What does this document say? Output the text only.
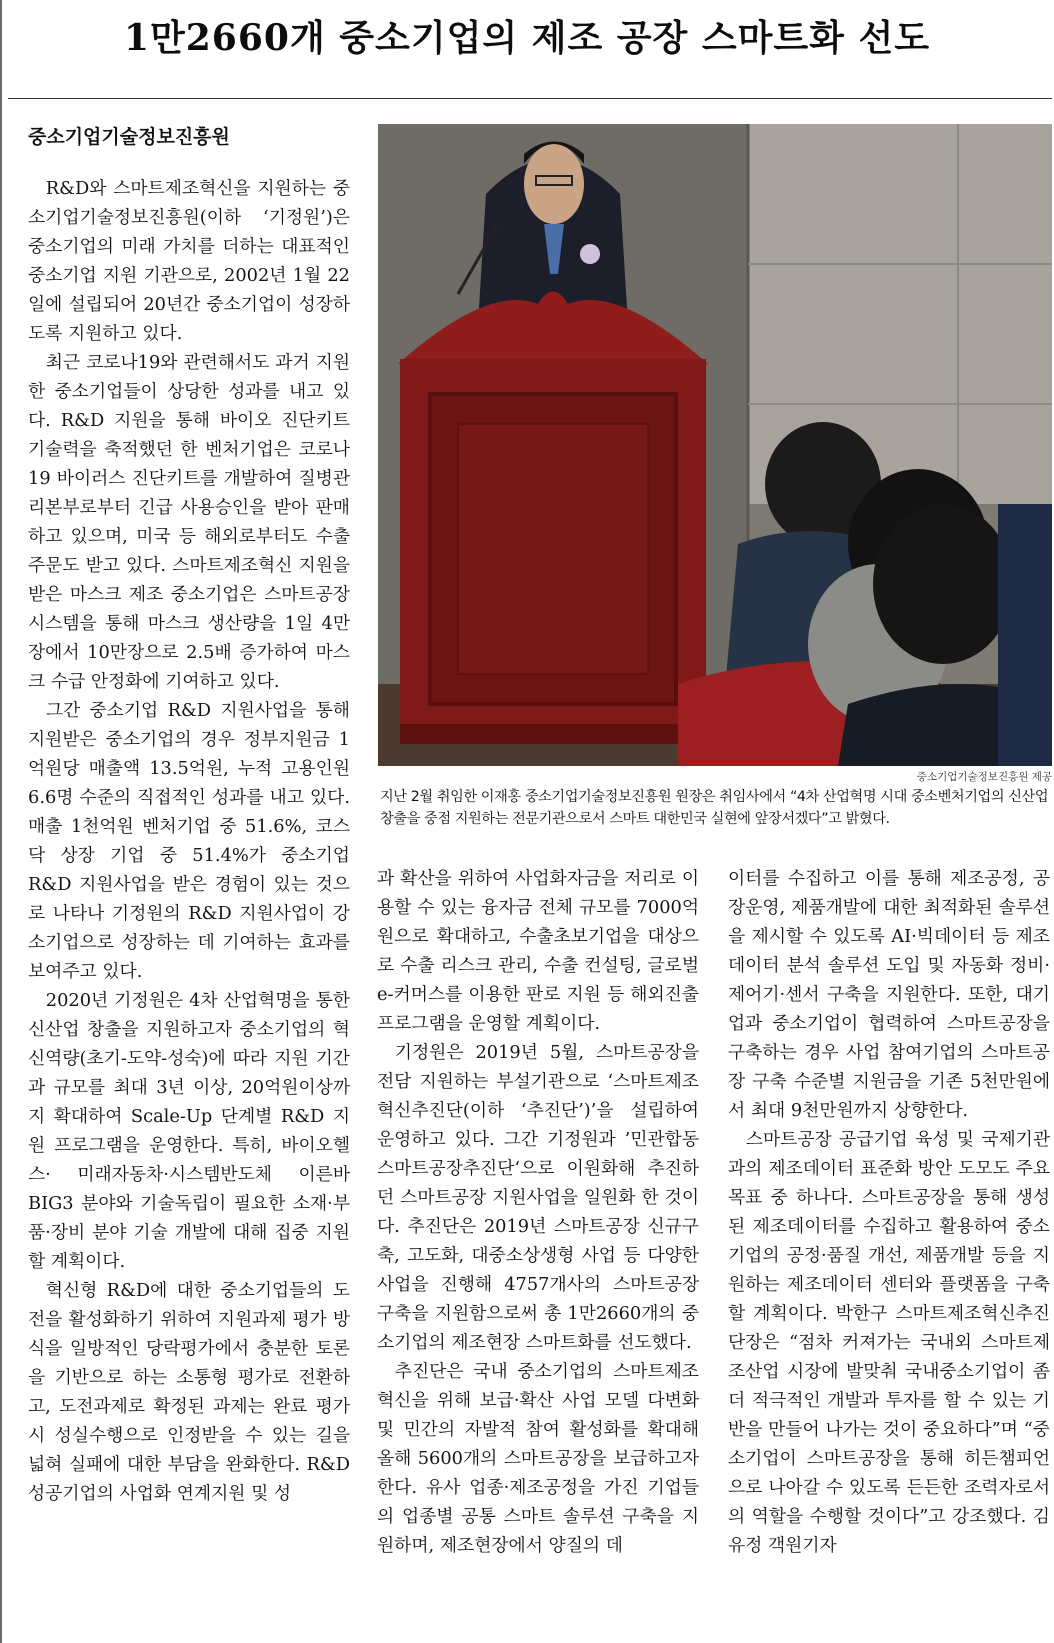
1만2660개 중소기업의 제조 공장 스마트화 선도
중소기업기술정보진흥원

R&D와 스마트제조혁신을 지원하는 중소기업기술정보진흥원(이하 ‘기정원’)은 중소기업의 미래 가치를 더하는 대표적인 중소기업 지원 기관으로, 2002년 1월 22일에 설립되어 20년간 중소기업이 성장하도록 지원하고 있다.

최근 코로나19와 관련해서도 과거 지원한 중소기업들이 상당한 성과를 내고 있다. R&D 지원을 통해 바이오 진단키트 기술력을 축적했던 한 벤처기업은 코로나19 바이러스 진단키트를 개발하여 질병관리본부로부터 긴급 사용승인을 받아 판매하고 있으며, 미국 등 해외로부터도 수출 주문도 받고 있다. 스마트제조혁신 지원을 받은 마스크 제조 중소기업은 스마트공장시스템을 통해 마스크 생산량을 1일 4만장에서 10만장으로 2.5배 증가하여 마스크 수급 안정화에 기여하고 있다.

그간 중소기업 R&D 지원사업을 통해 지원받은 중소기업의 경우 정부지원금 1억원당 매출액 13.5억원, 누적 고용인원 6.6명 수준의 직접적인 성과를 내고 있다. 매출 1천억원 벤처기업 중 51.6%, 코스닥 상장 기업 중 51.4%가 중소기업 R&D 지원사업을 받은 경험이 있는 것으로 나타나 기정원의 R&D 지원사업이 강소기업으로 성장하는 데 기여하는 효과를 보여주고 있다.

2020년 기정원은 4차 산업혁명을 통한 신산업 창출을 지원하고자 중소기업의 혁신역량(초기-도약-성숙)에 따라 지원 기간과 규모를 최대 3년 이상, 20억원이상까지 확대하여 Scale-Up 단계별 R&D 지원 프로그램을 운영한다. 특히, 바이오헬스· 미래자동차·시스템반도체 이른바 BIG3 분야와 기술독립이 필요한 소재·부품·장비 분야 기술 개발에 대해 집중 지원할 계획이다.

혁신형 R&D에 대한 중소기업들의 도전을 활성화하기 위하여 지원과제 평가 방식을 일방적인 당락평가에서 충분한 토론을 기반으로 하는 소통형 평가로 전환하고, 도전과제로 확정된 과제는 완료 평가 시 성실수행으로 인정받을 수 있는 길을 넓혀 실패에 대한 부담을 완화한다. R&D성공기업의 사업화 연계지원 및 성

중소기업기술정보진흥원 제공
지난 2월 취임한 이재홍 중소기업기술정보진흥원 원장은 취임사에서 “4차 산업혁명 시대 중소벤처기업의 신산업 창출을 중점 지원하는 전문기관으로서 스마트 대한민국 실현에 앞장서겠다”고 밝혔다.

과 확산을 위하여 사업화자금을 저리로 이용할 수 있는 융자금 전체 규모를 7000억원으로 확대하고, 수출초보기업을 대상으로 수출 리스크 관리, 수출 컨설팅, 글로벌 e-커머스를 이용한 판로 지원 등 해외진출 프로그램을 운영할 계획이다.

기정원은 2019년 5월, 스마트공장을 전담 지원하는 부설기관으로 ‘스마트제조혁신추진단(이하 ‘추진단’)’을 설립하여 운영하고 있다. 그간 기정원과 ’민관합동스마트공장추진단‘으로 이원화해 추진하던 스마트공장 지원사업을 일원화 한 것이다. 추진단은 2019년 스마트공장 신규구축, 고도화, 대중소상생형 사업 등 다양한 사업을 진행해 4757개사의 스마트공장 구축을 지원함으로써 총 1만2660개의 중소기업의 제조현장 스마트화를 선도했다.

추진단은 국내 중소기업의 스마트제조혁신을 위해 보급·확산 사업 모델 다변화 및 민간의 자발적 참여 활성화를 확대해 올해 5600개의 스마트공장을 보급하고자 한다. 유사 업종·제조공정을 가진 기업들의 업종별 공통 스마트 솔루션 구축을 지원하며, 제조현장에서 양질의 데

이터를 수집하고 이를 통해 제조공정, 공장운영, 제품개발에 대한 최적화된 솔루션을 제시할 수 있도록 AI·빅데이터 등 제조데이터 분석 솔루션 도입 및 자동화 정비·제어기·센서 구축을 지원한다. 또한, 대기업과 중소기업이 협력하여 스마트공장을 구축하는 경우 사업 참여기업의 스마트공장 구축 수준별 지원금을 기존 5천만원에서 최대 9천만원까지 상향한다.

스마트공장 공급기업 육성 및 국제기관과의 제조데이터 표준화 방안 도모도 주요 목표 중 하나다. 스마트공장을 통해 생성된 제조데이터를 수집하고 활용하여 중소기업의 공정·품질 개선, 제품개발 등을 지원하는 제조데이터 센터와 플랫폼을 구축할 계획이다. 박한구 스마트제조혁신추진단장은 “점차 커져가는 국내외 스마트제조산업 시장에 발맞춰 국내중소기업이 좀 더 적극적인 개발과 투자를 할 수 있는 기반을 만들어 나가는 것이 중요하다”며 “중소기업이 스마트공장을 통해 히든챔피언으로 나아갈 수 있도록 든든한 조력자로서의 역할을 수행할 것이다”고 강조했다. 김유정 객원기자
